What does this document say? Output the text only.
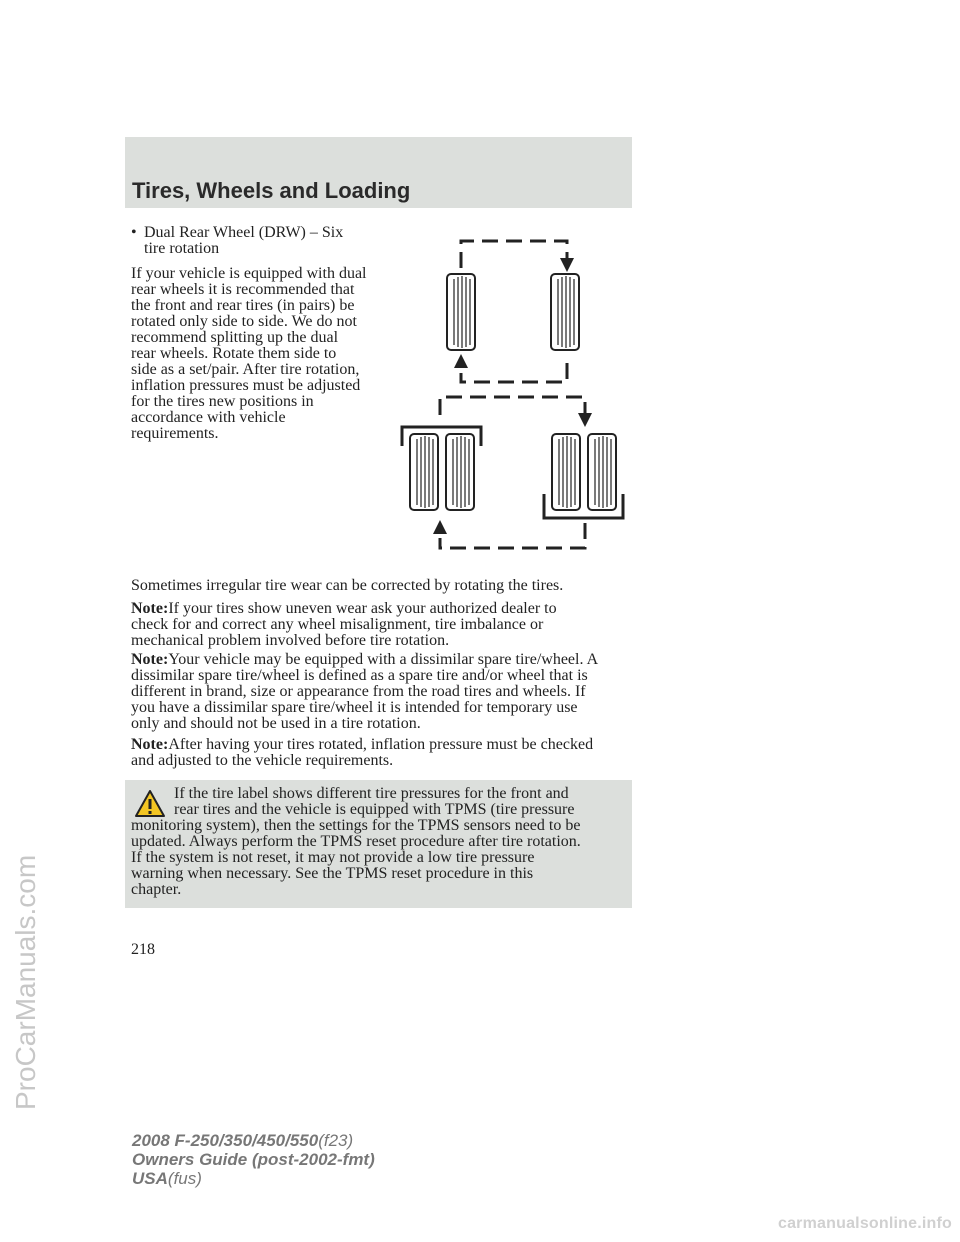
Tires, Wheels and Loading
• Dual Rear Wheel (DRW) – Six
tire rotation
If your vehicle is equipped with dual
rear wheels it is recommended that
the front and rear tires (in pairs) be
rotated only side to side. We do not
recommend splitting up the dual
rear wheels. Rotate them side to
side as a set/pair. After tire rotation,
inflation pressures must be adjusted
for the tires new positions in
accordance with vehicle
requirements.
Sometimes irregular tire wear can be corrected by rotating the tires.
Note:If your tires show uneven wear ask your authorized dealer to
check for and correct any wheel misalignment, tire imbalance or
mechanical problem involved before tire rotation.
Note:Your vehicle may be equipped with a dissimilar spare tire/wheel. A
dissimilar spare tire/wheel is defined as a spare tire and/or wheel that is
different in brand, size or appearance from the road tires and wheels. If
you have a dissimilar spare tire/wheel it is intended for temporary use
only and should not be used in a tire rotation.
Note:After having your tires rotated, inflation pressure must be checked
and adjusted to the vehicle requirements.
If the tire label shows different tire pressures for the front and
rear tires and the vehicle is equipped with TPMS (tire pressure
monitoring system), then the settings for the TPMS sensors need to be
updated. Always perform the TPMS reset procedure after tire rotation.
If the system is not reset, it may not provide a low tire pressure
warning when necessary. See the TPMS reset procedure in this
chapter.
218
2008 F-250/350/450/550(f23)
Owners Guide (post-2002-fmt)
USA(fus)
ProCarManuals.com
carmanualsonline.info
